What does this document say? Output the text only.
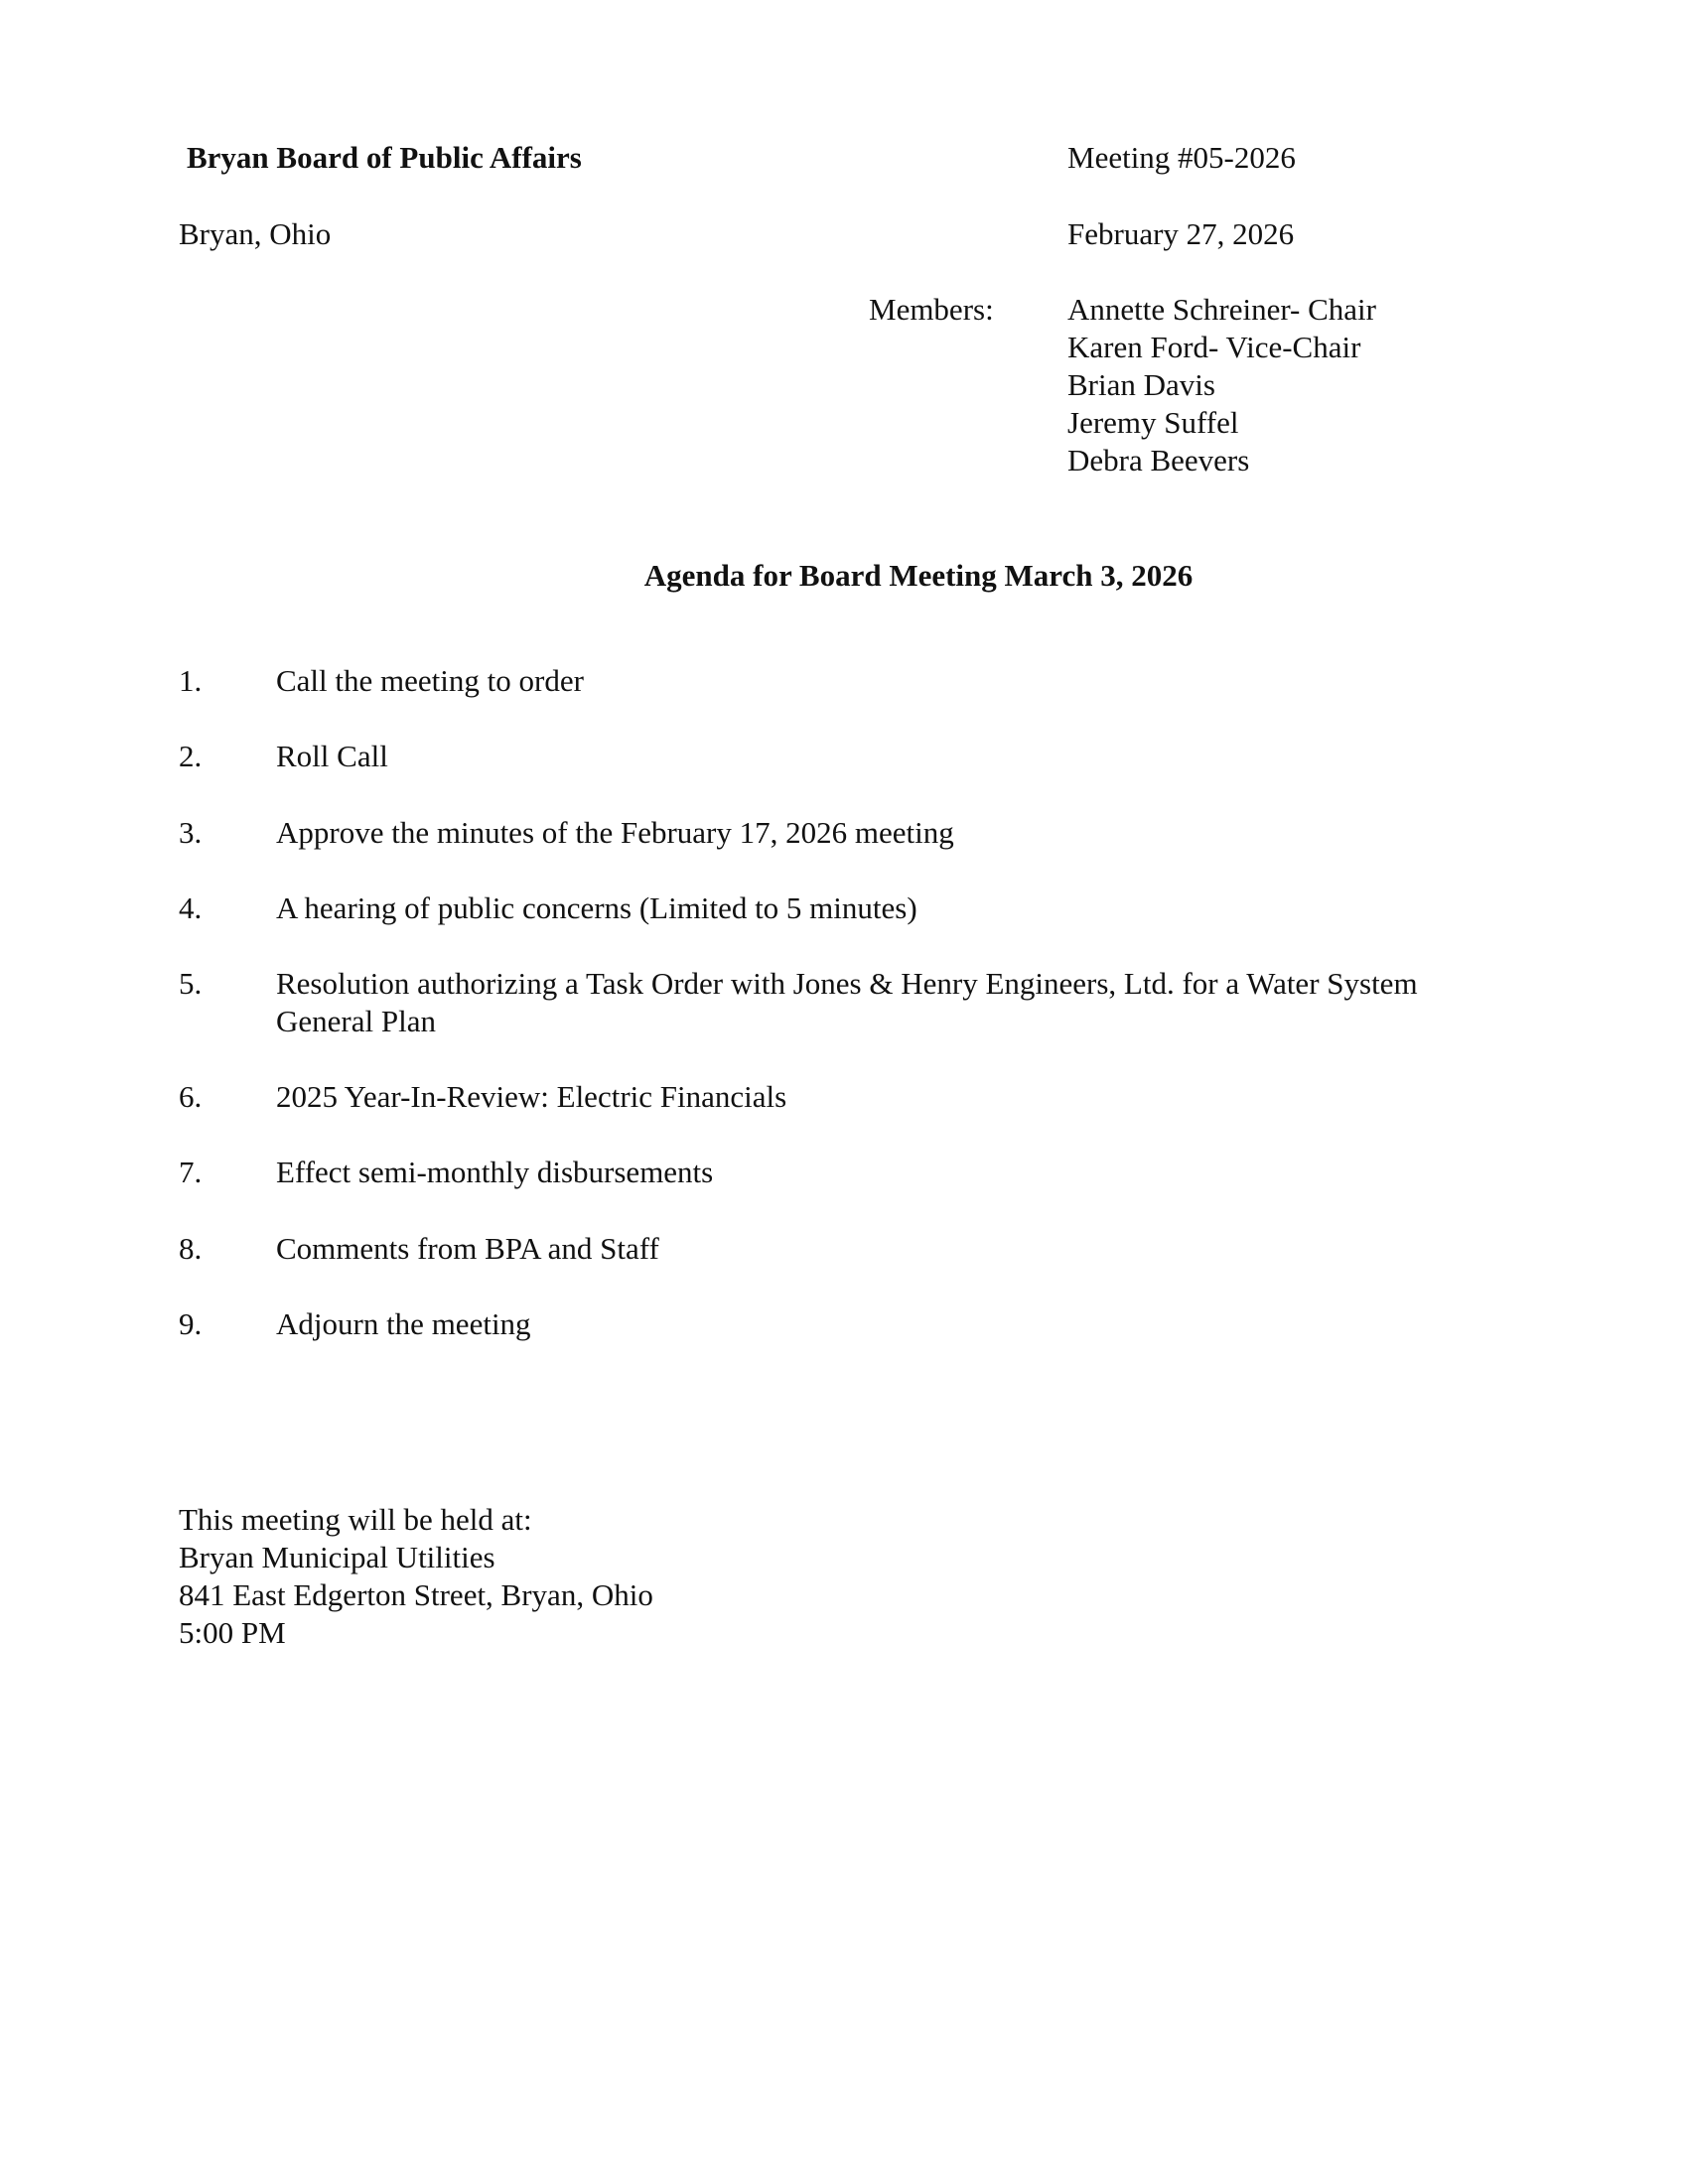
Bryan Board of Public Affairs	Meeting #05-2026
Bryan, Ohio	February 27, 2026
Members: Annette Schreiner- Chair
Karen Ford- Vice-Chair
Brian Davis
Jeremy Suffel
Debra Beevers
Agenda for Board Meeting March 3, 2026
1. Call the meeting to order
2. Roll Call
3. Approve the minutes of the February 17, 2026 meeting
4. A hearing of public concerns (Limited to 5 minutes)
5. Resolution authorizing a Task Order with Jones & Henry Engineers, Ltd. for a Water System General Plan
6. 2025 Year-In-Review: Electric Financials
7. Effect semi-monthly disbursements
8. Comments from BPA and Staff
9. Adjourn the meeting
This meeting will be held at:
Bryan Municipal Utilities
841 East Edgerton Street, Bryan, Ohio
5:00 PM
